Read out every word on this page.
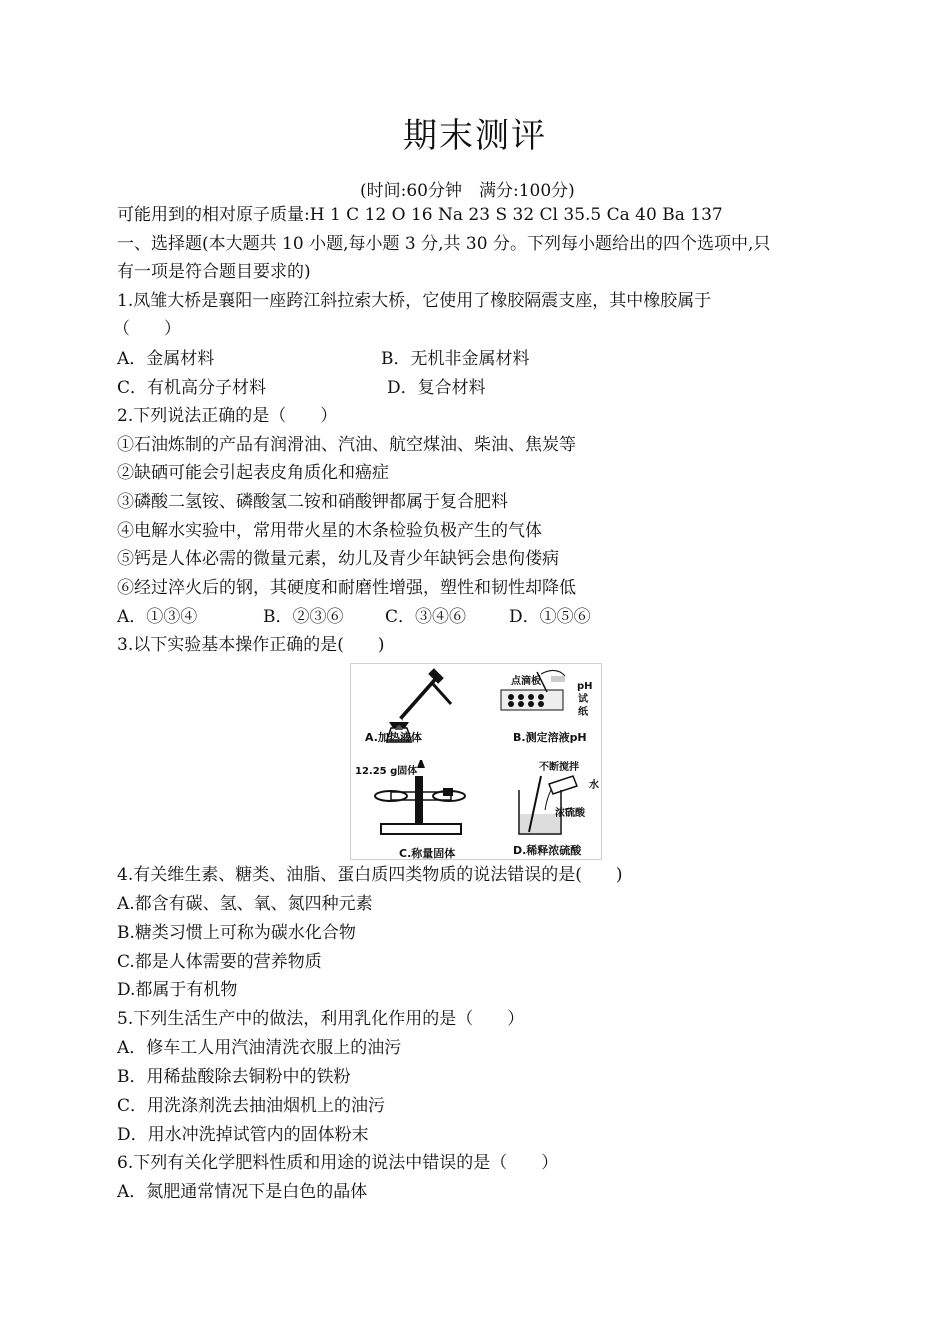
期末测评
(时间:60分钟　满分:100分)
可能用到的相对原子质量:H 1 C 12 O 16 Na 23 S 32 Cl 35.5 Ca 40 Ba 137
一、选择题(本大题共 10 小题,每小题 3 分,共 30 分。下列每小题给出的四个选项中,只
有一项是符合题目要求的)
1.凤雏大桥是襄阳一座跨江斜拉索大桥，它使用了橡胶隔震支座，其中橡胶属于
（　　）
A．金属材料	B．无机非金属材料
C．有机高分子材料	D．复合材料
2.下列说法正确的是（　　）
①石油炼制的产品有润滑油、汽油、航空煤油、柴油、焦炭等
②缺硒可能会引起表皮角质化和癌症
③磷酸二氢铵、磷酸氢二铵和硝酸钾都属于复合肥料
④电解水实验中，常用带火星的木条检验负极产生的气体
⑤钙是人体必需的微量元素，幼儿及青少年缺钙会患佝偻病
⑥经过淬火后的钢，其硬度和耐磨性增强，塑性和韧性却降低
A．①③④	B．②③⑥ C．③④⑥	D．①⑤⑥
3.以下实验基本操作正确的是(　　)
A.加热液体
点滴板	pH
试
纸
B.测定溶液pH
12.25 g固体
C.称量固体
不断搅拌
水
浓硫酸
D.稀释浓硫酸
4.有关维生素、糖类、油脂、蛋白质四类物质的说法错误的是(　　)
A.都含有碳、氢、氧、氮四种元素
B.糖类习惯上可称为碳水化合物
C.都是人体需要的营养物质
D.都属于有机物
5.下列生活生产中的做法，利用乳化作用的是（　　）
A．修车工人用汽油清洗衣服上的油污
B．用稀盐酸除去铜粉中的铁粉
C．用洗涤剂洗去抽油烟机上的油污
D．用水冲洗掉试管内的固体粉末
6.下列有关化学肥料性质和用途的说法中错误的是（　　）
A．氮肥通常情况下是白色的晶体
